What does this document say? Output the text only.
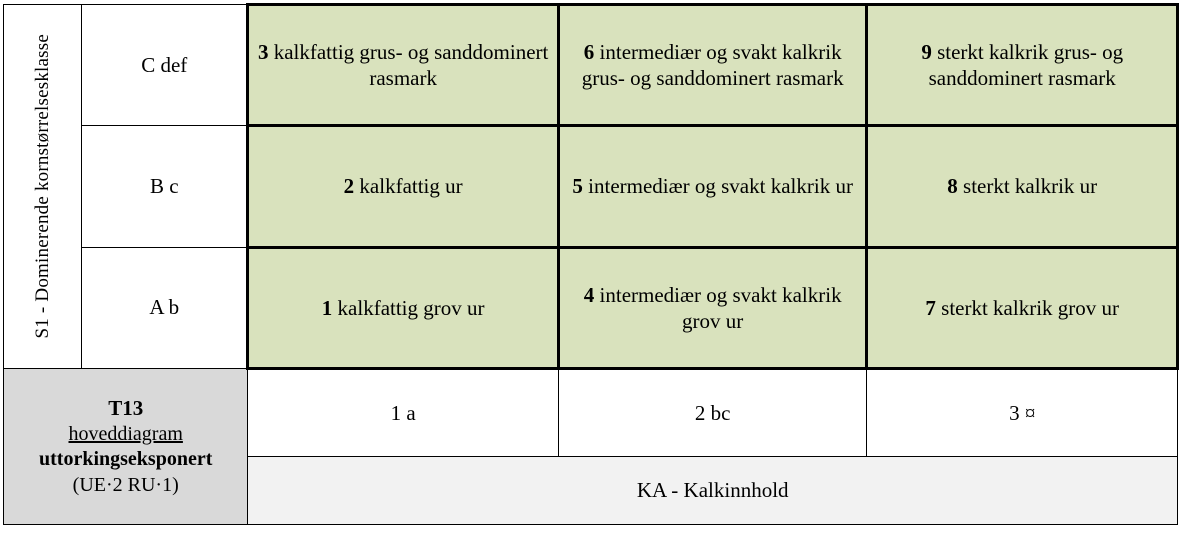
S1 - Dominerende kornstørrelsesklasse	C def	3 kalkfattig grus- og sanddominert rasmark	6 intermediær og svakt kalkrik grus- og sanddominert rasmark	9 sterkt kalkrik grus- og sanddominert rasmark
	B c	2 kalkfattig ur	5 intermediær og svakt kalkrik ur	8 sterkt kalkrik ur
	A b	1 kalkfattig grov ur	4 intermediær og svakt kalkrik grov ur	7 sterkt kalkrik grov ur

T13
hoveddiagram
uttorkingseksponert
(UE·2 RU·1)		1 a	2 bc	3 ¤
		KA - Kalkinnhold		
